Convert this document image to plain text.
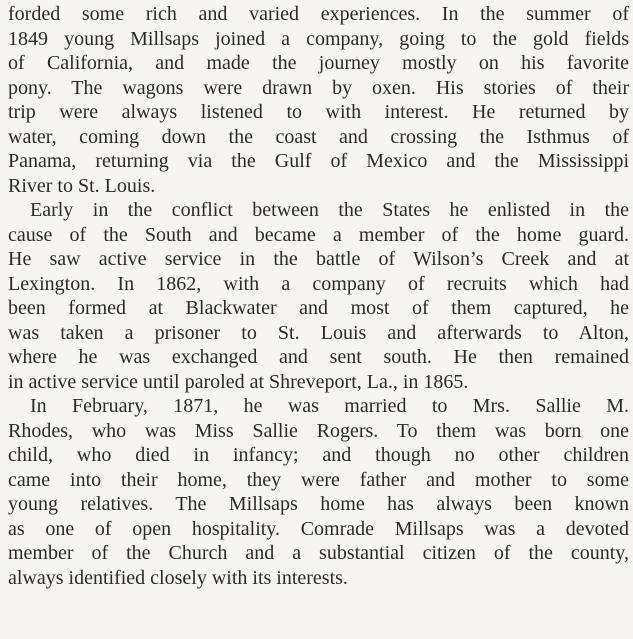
forded some rich and varied experiences. In the summer of
1849 young Millsaps joined a company, going to the gold fields
of California, and made the journey mostly on his favorite
pony. The wagons were drawn by oxen. His stories of their
trip were always listened to with interest. He returned by
water, coming down the coast and crossing the Isthmus of
Panama, returning via the Gulf of Mexico and the Mississippi
River to St. Louis.
Early in the conflict between the States he enlisted in the
cause of the South and became a member of the home guard.
He saw active service in the battle of Wilson’s Creek and at
Lexington. In 1862, with a company of recruits which had
been formed at Blackwater and most of them captured, he
was taken a prisoner to St. Louis and afterwards to Alton,
where he was exchanged and sent south. He then remained
in active service until paroled at Shreveport, La., in 1865.
In February, 1871, he was married to Mrs. Sallie M.
Rhodes, who was Miss Sallie Rogers. To them was born one
child, who died in infancy; and though no other children
came into their home, they were father and mother to some
young relatives. The Millsaps home has always been known
as one of open hospitality. Comrade Millsaps was a devoted
member of the Church and a substantial citizen of the county,
always identified closely with its interests.
